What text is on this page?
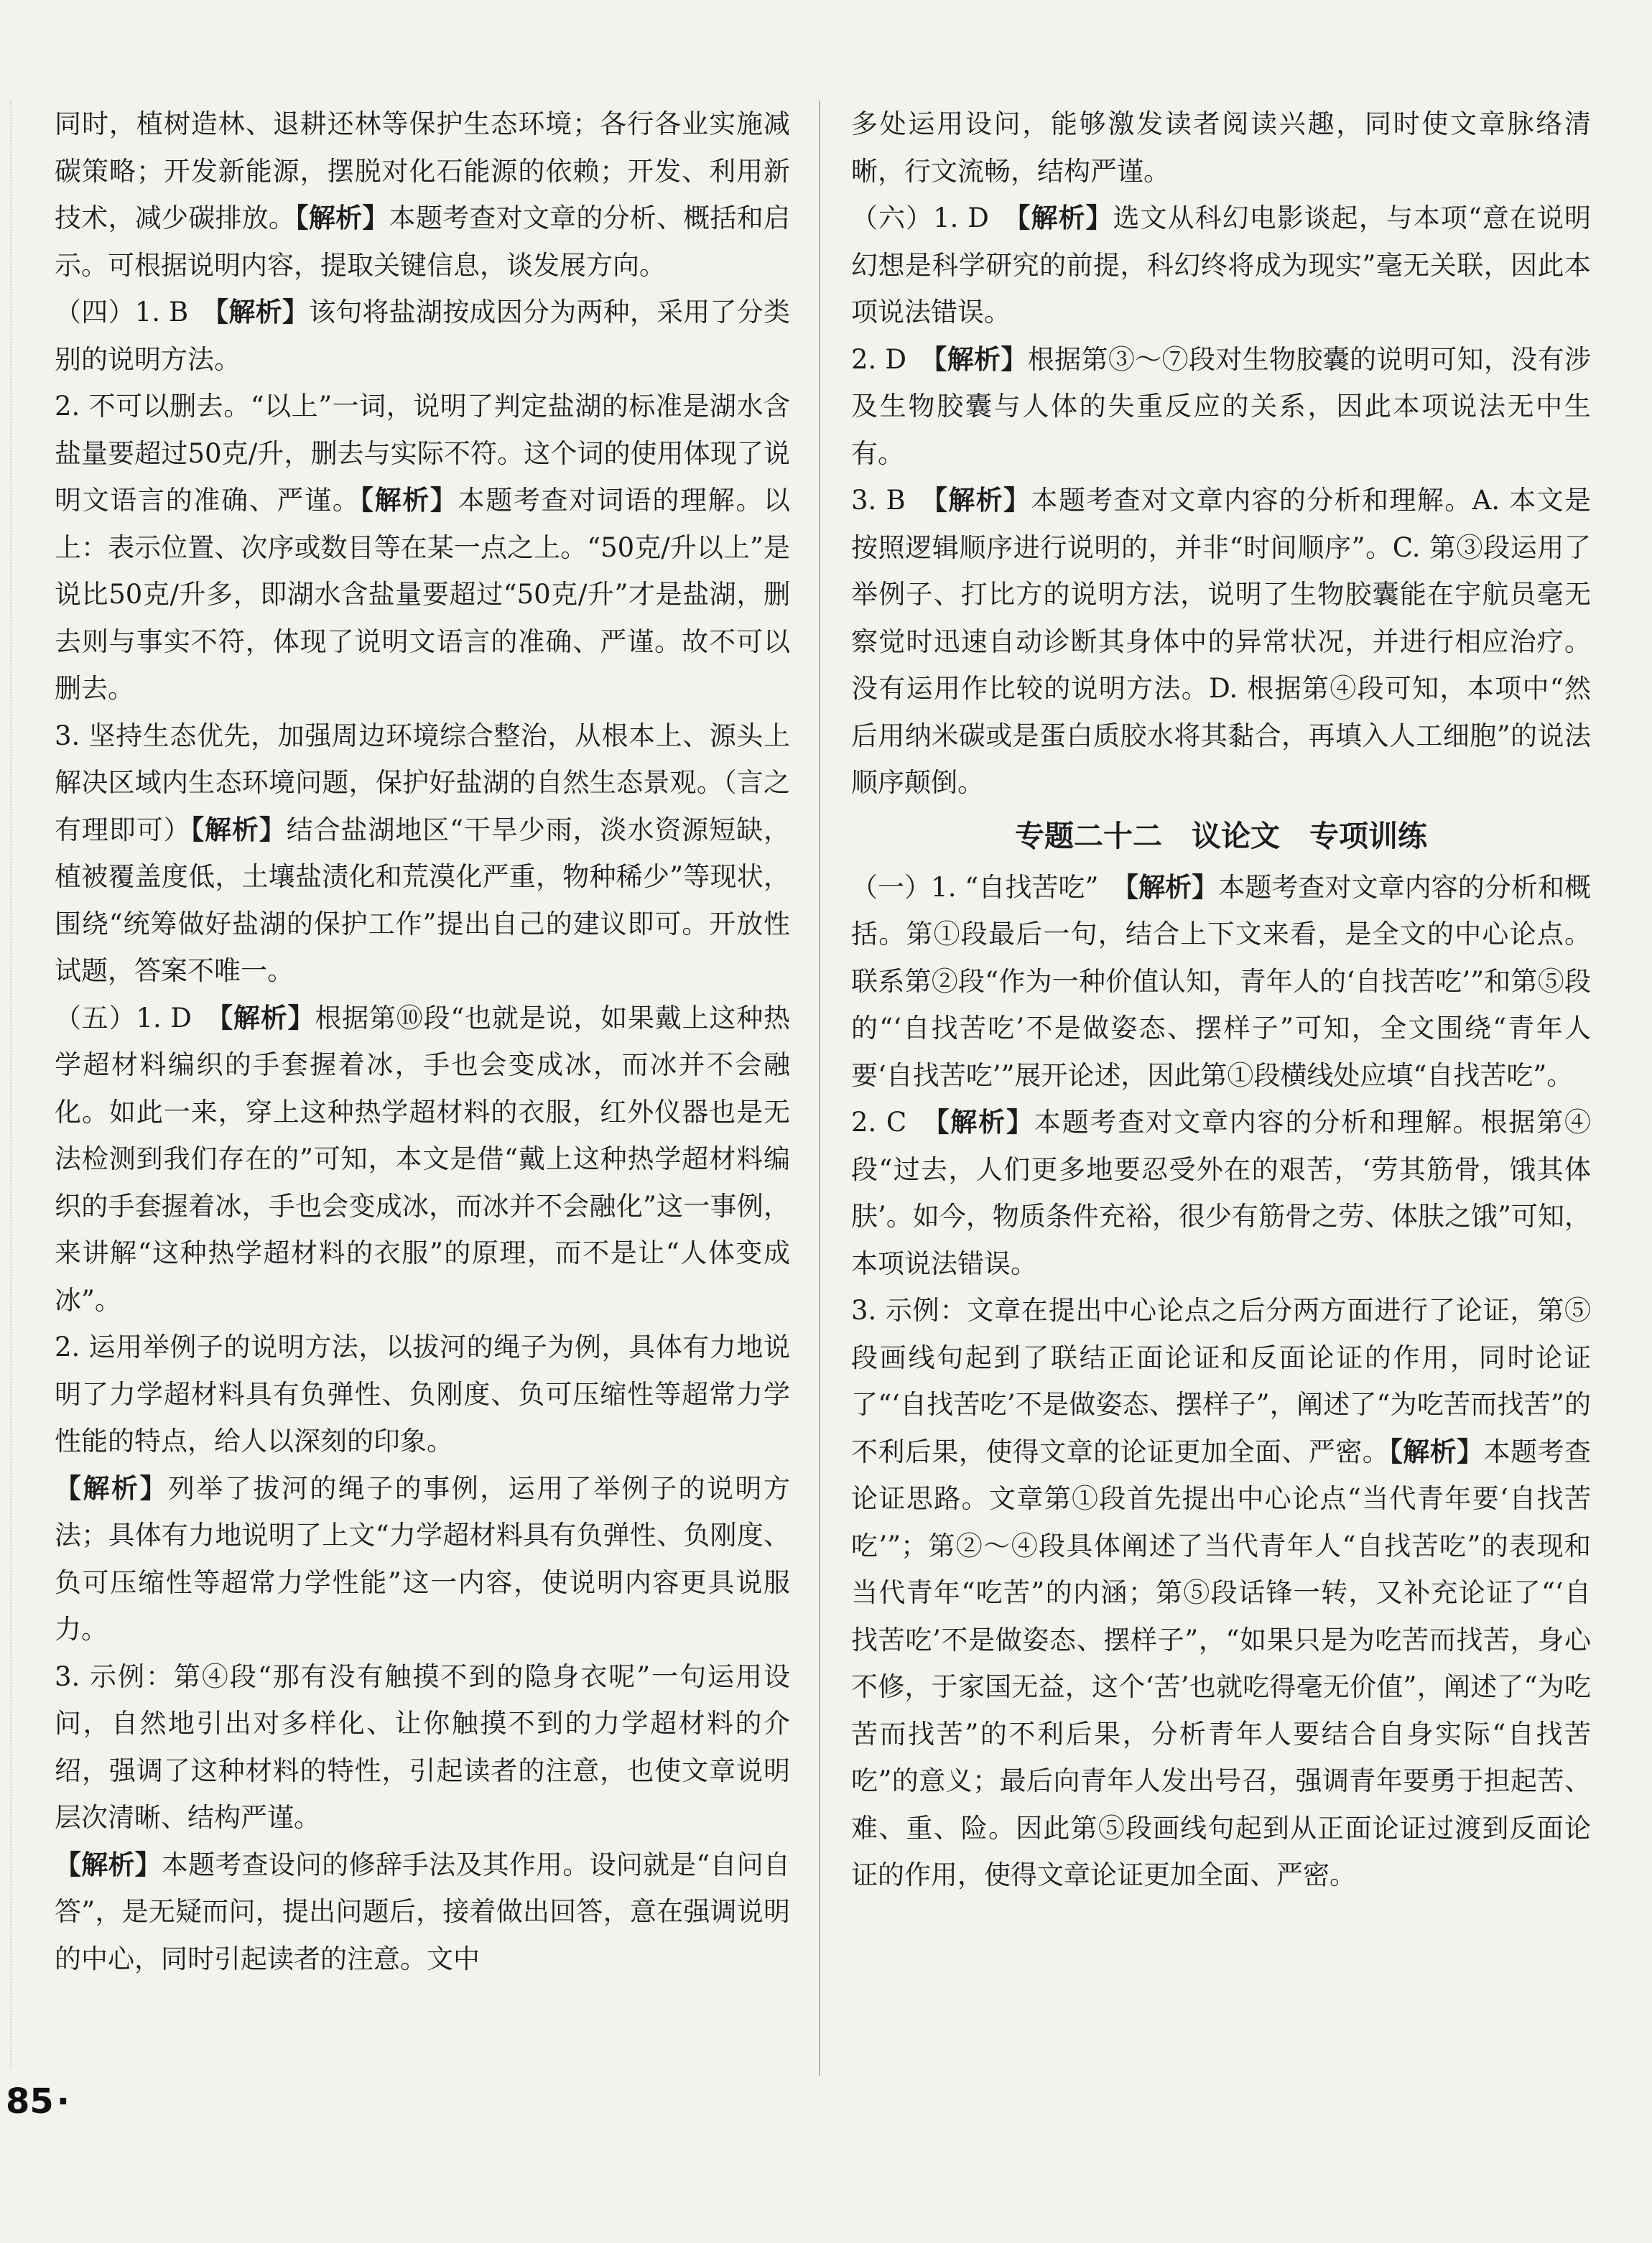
同时，植树造林、退耕还林等保护生态环境；各行各业实施减碳策略；开发新能源，摆脱对化石能源的依赖；开发、利用新技术，减少碳排放。【解析】本题考查对文章的分析、概括和启示。可根据说明内容，提取关键信息，谈发展方向。

（四）1. B　【解析】该句将盐湖按成因分为两种，采用了分类别的说明方法。

2. 不可以删去。“以上”一词，说明了判定盐湖的标准是湖水含盐量要超过50克/升，删去与实际不符。这个词的使用体现了说明文语言的准确、严谨。【解析】本题考查对词语的理解。以上：表示位置、次序或数目等在某一点之上。“50克/升以上”是说比50克/升多，即湖水含盐量要超过“50克/升”才是盐湖，删去则与事实不符，体现了说明文语言的准确、严谨。故不可以删去。

3. 坚持生态优先，加强周边环境综合整治，从根本上、源头上解决区域内生态环境问题，保护好盐湖的自然生态景观。（言之有理即可）【解析】结合盐湖地区“干旱少雨，淡水资源短缺，植被覆盖度低，土壤盐渍化和荒漠化严重，物种稀少”等现状，围绕“统筹做好盐湖的保护工作”提出自己的建议即可。开放性试题，答案不唯一。

（五）1. D　【解析】根据第⑩段“也就是说，如果戴上这种热学超材料编织的手套握着冰，手也会变成冰，而冰并不会融化。如此一来，穿上这种热学超材料的衣服，红外仪器也是无法检测到我们存在的”可知，本文是借“戴上这种热学超材料编织的手套握着冰，手也会变成冰，而冰并不会融化”这一事例，来讲解“这种热学超材料的衣服”的原理，而不是让“人体变成冰”。

2. 运用举例子的说明方法，以拔河的绳子为例，具体有力地说明了力学超材料具有负弹性、负刚度、负可压缩性等超常力学性能的特点，给人以深刻的印象。

【解析】列举了拔河的绳子的事例，运用了举例子的说明方法；具体有力地说明了上文“力学超材料具有负弹性、负刚度、负可压缩性等超常力学性能”这一内容，使说明内容更具说服力。

3. 示例：第④段“那有没有触摸不到的隐身衣呢”一句运用设问，自然地引出对多样化、让你触摸不到的力学超材料的介绍，强调了这种材料的特性，引起读者的注意，也使文章说明层次清晰、结构严谨。

【解析】本题考查设问的修辞手法及其作用。设问就是“自问自答”，是无疑而问，提出问题后，接着做出回答，意在强调说明的中心，同时引起读者的注意。文中

多处运用设问，能够激发读者阅读兴趣，同时使文章脉络清晰，行文流畅，结构严谨。

（六）1. D　【解析】选文从科幻电影谈起，与本项“意在说明幻想是科学研究的前提，科幻终将成为现实”毫无关联，因此本项说法错误。

2. D　【解析】根据第③～⑦段对生物胶囊的说明可知，没有涉及生物胶囊与人体的失重反应的关系，因此本项说法无中生有。

3. B　【解析】本题考查对文章内容的分析和理解。A. 本文是按照逻辑顺序进行说明的，并非“时间顺序”。C. 第③段运用了举例子、打比方的说明方法，说明了生物胶囊能在宇航员毫无察觉时迅速自动诊断其身体中的异常状况，并进行相应治疗。没有运用作比较的说明方法。D. 根据第④段可知，本项中“然后用纳米碳或是蛋白质胶水将其黏合，再填入人工细胞”的说法顺序颠倒。

专题二十二　议论文　专项训练

（一）1. “自找苦吃”　【解析】本题考查对文章内容的分析和概括。第①段最后一句，结合上下文来看，是全文的中心论点。联系第②段“作为一种价值认知，青年人的‘自找苦吃’”和第⑤段的“‘自找苦吃’不是做姿态、摆样子”可知，全文围绕“青年人要‘自找苦吃’”展开论述，因此第①段横线处应填“自找苦吃”。

2. C　【解析】本题考查对文章内容的分析和理解。根据第④段“过去，人们更多地要忍受外在的艰苦，‘劳其筋骨，饿其体肤’。如今，物质条件充裕，很少有筋骨之劳、体肤之饿”可知，本项说法错误。

3. 示例：文章在提出中心论点之后分两方面进行了论证，第⑤段画线句起到了联结正面论证和反面论证的作用，同时论证了“‘自找苦吃’不是做姿态、摆样子”，阐述了“为吃苦而找苦”的不利后果，使得文章的论证更加全面、严密。【解析】本题考查论证思路。文章第①段首先提出中心论点“当代青年要‘自找苦吃’”；第②～④段具体阐述了当代青年人“自找苦吃”的表现和当代青年“吃苦”的内涵；第⑤段话锋一转，又补充论证了“‘自找苦吃’不是做姿态、摆样子”，“如果只是为吃苦而找苦，身心不修，于家国无益，这个‘苦’也就吃得毫无价值”，阐述了“为吃苦而找苦”的不利后果，分析青年人要结合自身实际“自找苦吃”的意义；最后向青年人发出号召，强调青年要勇于担起苦、难、重、险。因此第⑤段画线句起到从正面论证过渡到反面论证的作用，使得文章论证更加全面、严密。

85 ·
